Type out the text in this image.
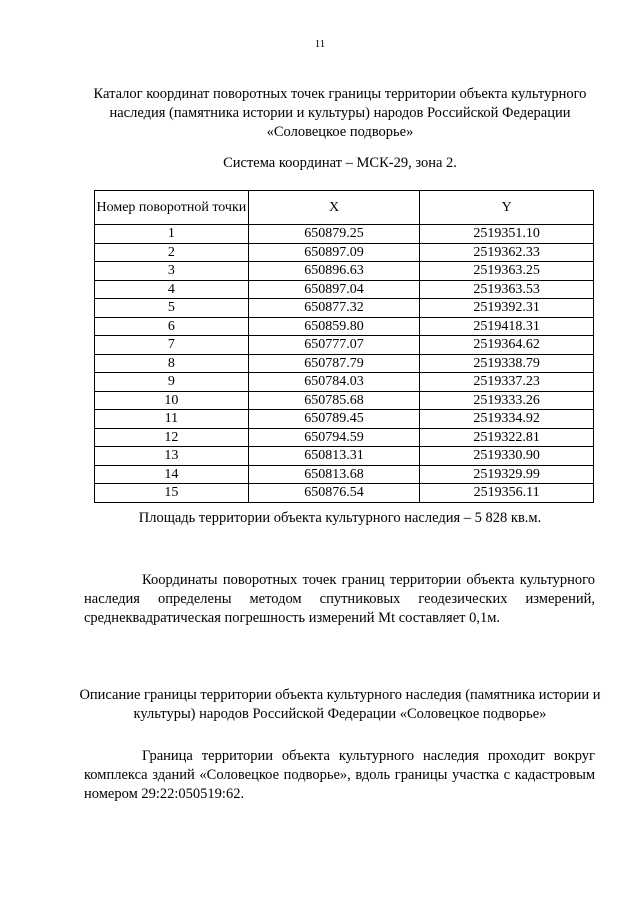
11
Каталог координат поворотных точек границы территории объекта культурного наследия (памятника истории и культуры) народов Российской Федерации «Соловецкое подворье»
Система координат – МСК-29, зона 2.
Номер поворотной точки	X	Y
1	650879.25	2519351.10
2	650897.09	2519362.33
3	650896.63	2519363.25
4	650897.04	2519363.53
5	650877.32	2519392.31
6	650859.80	2519418.31
7	650777.07	2519364.62
8	650787.79	2519338.79
9	650784.03	2519337.23
10	650785.68	2519333.26
11	650789.45	2519334.92
12	650794.59	2519322.81
13	650813.31	2519330.90
14	650813.68	2519329.99
15	650876.54	2519356.11
Площадь территории объекта культурного наследия – 5 828 кв.м.
Координаты поворотных точек границ территории объекта культурного наследия определены методом спутниковых геодезических измерений, среднеквадратическая погрешность измерений Mt составляет 0,1м.
Описание границы территории объекта культурного наследия (памятника истории и культуры) народов Российской Федерации «Соловецкое подворье»
Граница территории объекта культурного наследия проходит вокруг комплекса зданий «Соловецкое подворье», вдоль границы участка с кадастровым номером 29:22:050519:62.
